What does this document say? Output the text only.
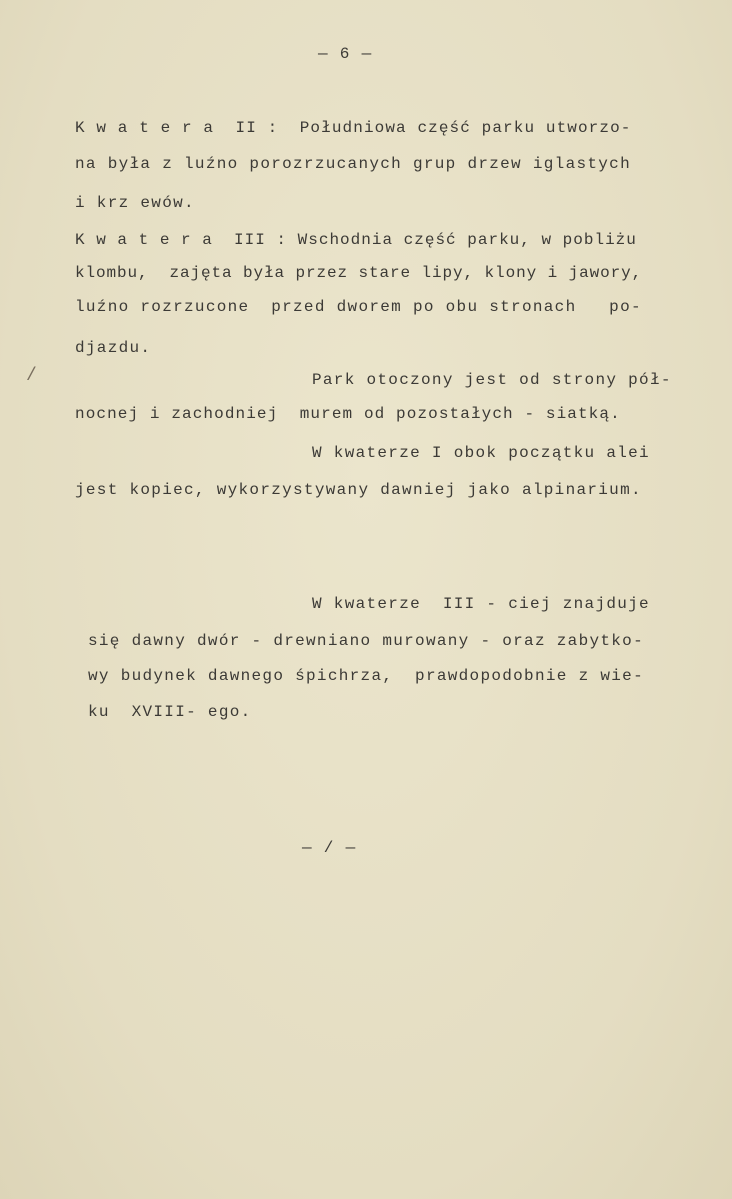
— 6 —
K w a t e r a  II :  Południowa część parku utworzo-
na była z luźno porozrzucanych grup drzew iglastych
i krz ewów.
K w a t e r a  III : Wschodnia część parku, w pobliżu
klombu,  zajęta była przez stare lipy, klony i jawory,
luźno rozrzucone  przed dworem po obu stronach   po-
djazdu.
/	Park otoczony jest od strony pół-
nocnej i zachodniej  murem od pozostałych - siatką.
W kwaterze I obok początku alei
jest kopiec, wykorzystywany dawniej jako alpinarium.
W kwaterze  III - ciej znajduje
się dawny dwór - drewniano murowany - oraz zabytko-
wy budynek dawnego śpichrza,  prawdopodobnie z wie-
ku  XVIII- ego.
— / —
